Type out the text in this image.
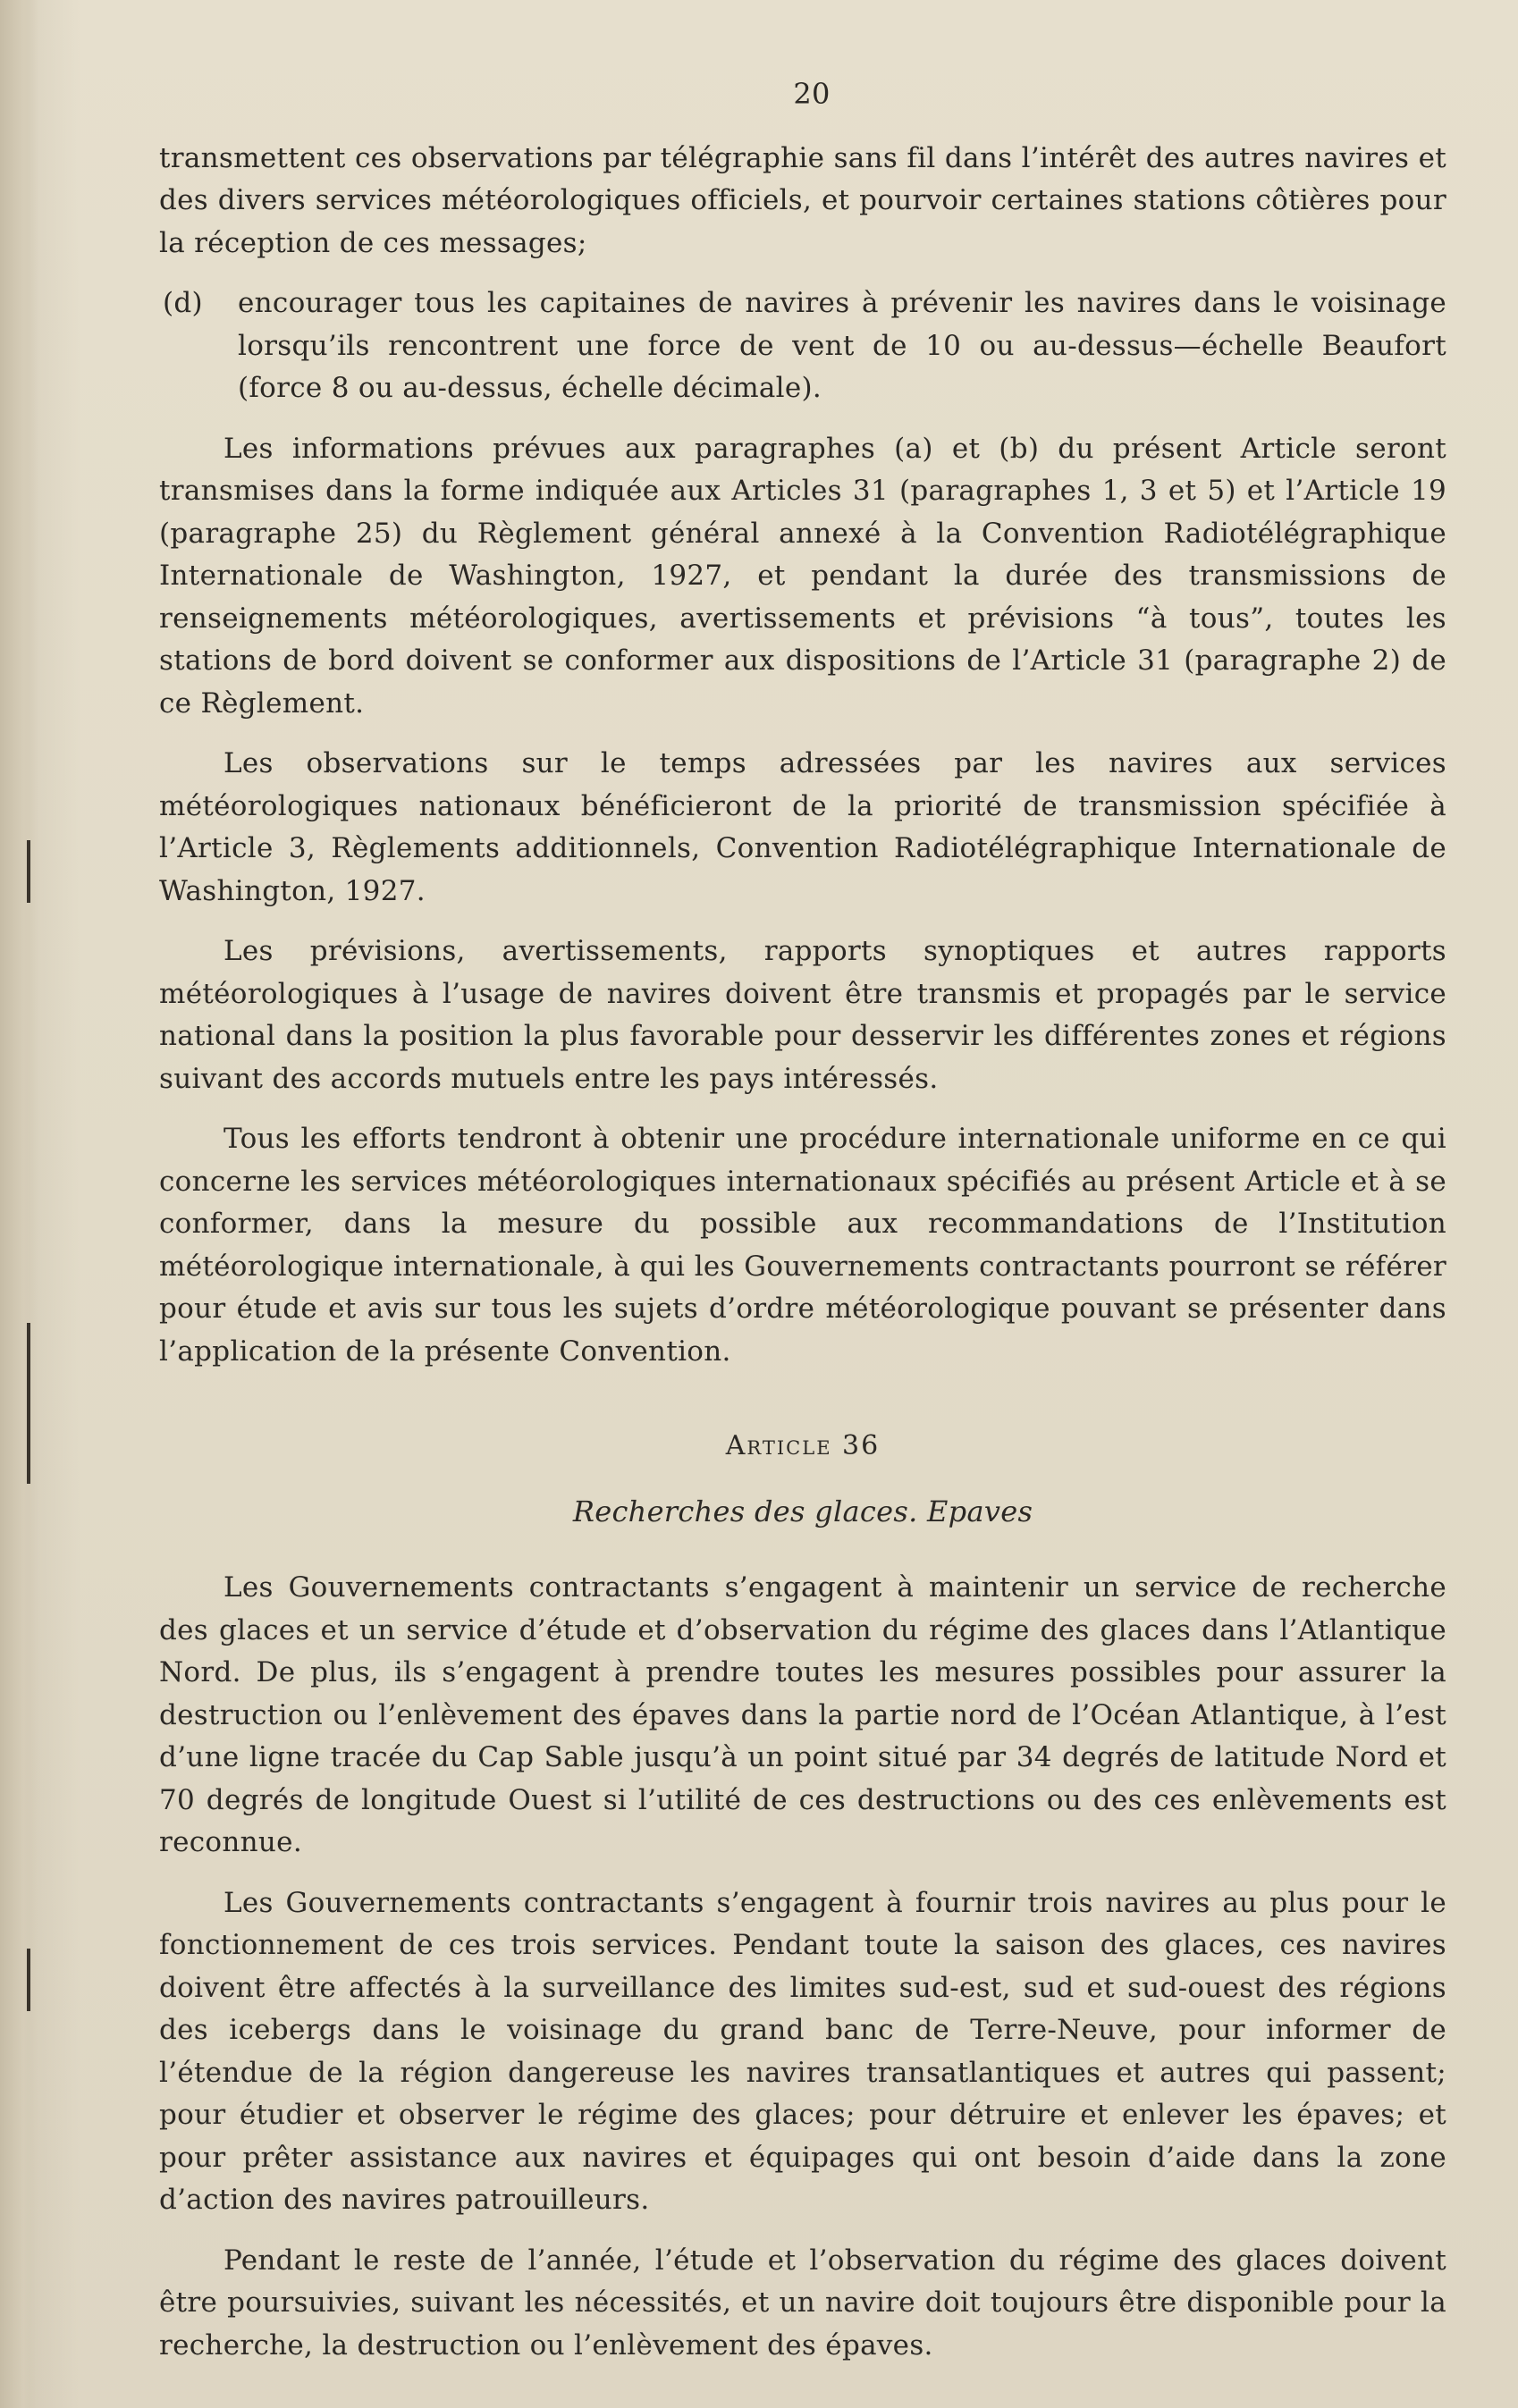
20

transmettent ces observations par télégraphie sans fil dans l’intérêt des autres navires et des divers services météorologiques officiels, et pourvoir certaines stations côtières pour la réception de ces messages;

(d) encourager tous les capitaines de navires à prévenir les navires dans le voisinage lorsqu’ils rencontrent une force de vent de 10 ou au-dessus—échelle Beaufort (force 8 ou au-dessus, échelle décimale).

Les informations prévues aux paragraphes (a) et (b) du présent Article seront transmises dans la forme indiquée aux Articles 31 (paragraphes 1, 3 et 5) et l’Article 19 (paragraphe 25) du Règlement général annexé à la Convention Radiotélégraphique Internationale de Washington, 1927, et pendant la durée des transmissions de renseignements météorologiques, avertissements et prévisions “à tous”, toutes les stations de bord doivent se conformer aux dispositions de l’Article 31 (paragraphe 2) de ce Règlement.

Les observations sur le temps adressées par les navires aux services météorologiques nationaux bénéficieront de la priorité de transmission spécifiée à l’Article 3, Règlements additionnels, Convention Radiotélégraphique Internationale de Washington, 1927.

Les prévisions, avertissements, rapports synoptiques et autres rapports météorologiques à l’usage de navires doivent être transmis et propagés par le service national dans la position la plus favorable pour desservir les différentes zones et régions suivant des accords mutuels entre les pays intéressés.

Tous les efforts tendront à obtenir une procédure internationale uniforme en ce qui concerne les services météorologiques internationaux spécifiés au présent Article et à se conformer, dans la mesure du possible aux recommandations de l’Institution météorologique internationale, à qui les Gouvernements contractants pourront se référer pour étude et avis sur tous les sujets d’ordre météorologique pouvant se présenter dans l’application de la présente Convention.

Article 36
Recherches des glaces. Epaves

Les Gouvernements contractants s’engagent à maintenir un service de recherche des glaces et un service d’étude et d’observation du régime des glaces dans l’Atlantique Nord. De plus, ils s’engagent à prendre toutes les mesures possibles pour assurer la destruction ou l’enlèvement des épaves dans la partie nord de l’Océan Atlantique, à l’est d’une ligne tracée du Cap Sable jusqu’à un point situé par 34 degrés de latitude Nord et 70 degrés de longitude Ouest si l’utilité de ces destructions ou des ces enlèvements est reconnue.

Les Gouvernements contractants s’engagent à fournir trois navires au plus pour le fonctionnement de ces trois services. Pendant toute la saison des glaces, ces navires doivent être affectés à la surveillance des limites sud-est, sud et sud-ouest des régions des icebergs dans le voisinage du grand banc de Terre-Neuve, pour informer de l’étendue de la région dangereuse les navires transatlantiques et autres qui passent; pour étudier et observer le régime des glaces; pour détruire et enlever les épaves; et pour prêter assistance aux navires et équipages qui ont besoin d’aide dans la zone d’action des navires patrouilleurs.

Pendant le reste de l’année, l’étude et l’observation du régime des glaces doivent être poursuivies, suivant les nécessités, et un navire doit toujours être disponible pour la recherche, la destruction ou l’enlèvement des épaves.
